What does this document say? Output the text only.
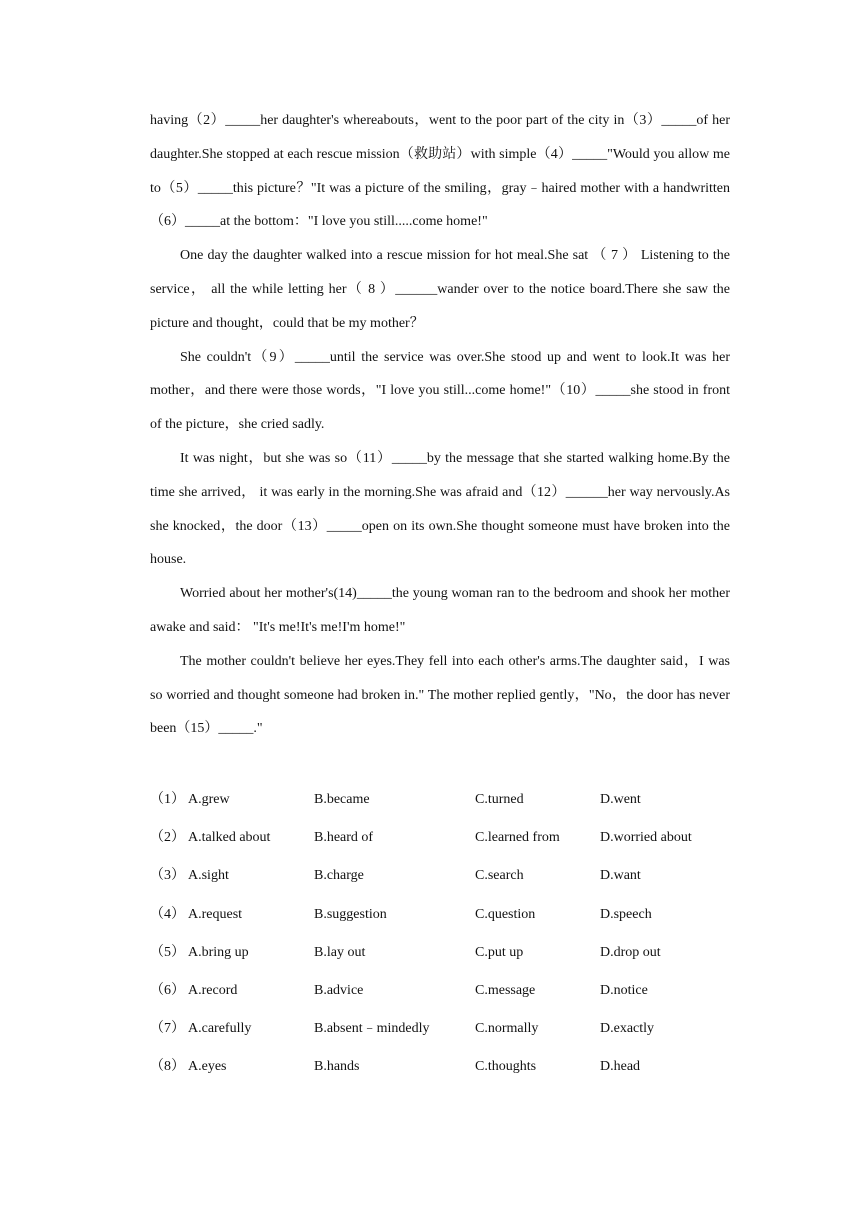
having（2）_____her daughter's whereabouts，went to the poor part of the city in（3）_____of her daughter.She stopped at each rescue mission（救助站）with simple（4）_____"Would you allow me to（5）_____this picture？"It was a picture of the smiling，gray﹣haired mother with a handwritten（6）_____at the bottom："I love you still.....come home!"

One day the daughter walked into a rescue mission for hot meal.She sat （ 7 ） Listening to the service， all the while letting her（ 8 ）______wander over to the notice board.There she saw the picture and thought，could that be my mother？

She couldn't（9）_____until the service was over.She stood up and went to look.It was her mother，and there were those words，"I love you still...come home!"（10）_____she stood in front of the picture，she cried sadly.

It was night，but she was so（11）_____by the message that she started walking home.By the time she arrived， it was early in the morning.She was afraid and（12）______her way nervously.As she knocked，the door（13）_____open on its own.She thought someone must have broken into the house.

Worried about her mother's(14)_____the young woman ran to the bedroom and shook her mother awake and said： "It's me!It's me!I'm home!"

The mother couldn't believe her eyes.They fell into each other's arms.The daughter said，I was so worried and thought someone had broken in." The mother replied gently，"No，the door has never been（15）_____."

（1） A.grew	B.became	C.turned	D.went
（2） A.talked about	B.heard of	C.learned from	D.worried about
（3） A.sight	B.charge	C.search	D.want
（4） A.request	B.suggestion	C.question	D.speech
（5） A.bring up	B.lay out	C.put up	D.drop out
（6） A.record	B.advice	C.message	D.notice
（7） A.carefully	B.absent﹣mindedly	C.normally	D.exactly
（8） A.eyes	B.hands	C.thoughts	D.head
